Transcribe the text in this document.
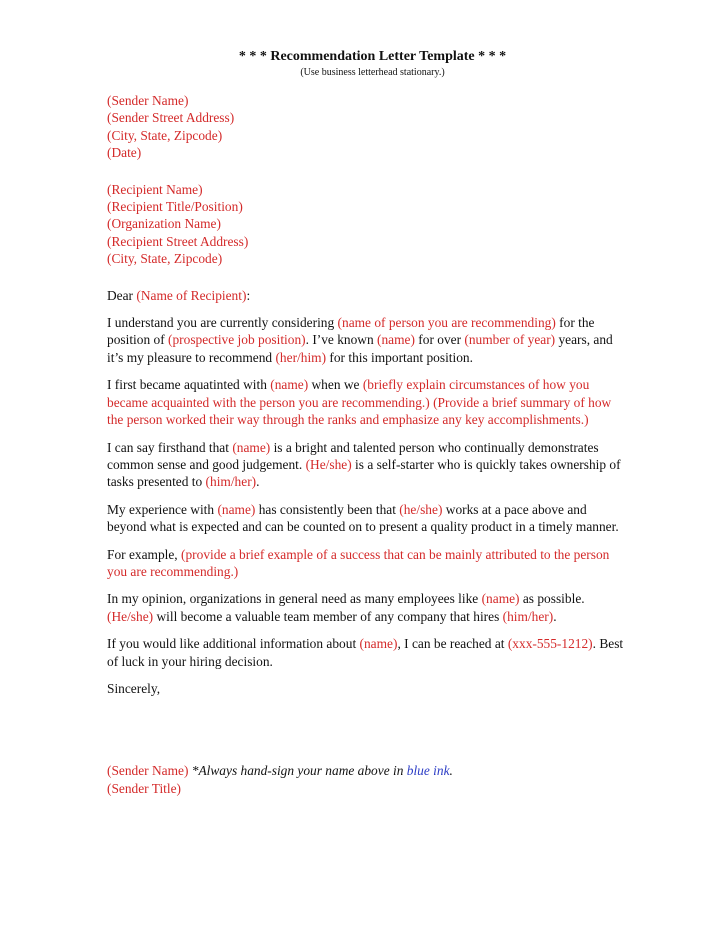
* * * Recommendation Letter Template * * *

(Use business letterhead stationary.)

(Sender Name)
(Sender Street Address)
(City, State, Zipcode)
(Date)
(Recipient Name)
(Recipient Title/Position)
(Organization Name)
(Recipient Street Address)
(City, State, Zipcode)

Dear (Name of Recipient):

I understand you are currently considering (name of person you are recommending) for the position of (prospective job position). I’ve known (name) for over (number of year) years, and it’s my pleasure to recommend (her/him) for this important position.

I first became aquatinted with (name) when we (briefly explain circumstances of how you became acquainted with the person you are recommending.) (Provide a brief summary of how the person worked their way through the ranks and emphasize any key accomplishments.)

I can say firsthand that (name) is a bright and talented person who continually demonstrates common sense and good judgement. (He/she) is a self-starter who is quickly takes ownership of tasks presented to (him/her).

My experience with (name) has consistently been that (he/she) works at a pace above and beyond what is expected and can be counted on to present a quality product in a timely manner.

For example, (provide a brief example of a success that can be mainly attributed to the person you are recommending.)

In my opinion, organizations in general need as many employees like (name) as possible. (He/she) will become a valuable team member of any company that hires (him/her).

If you would like additional information about (name), I can be reached at (xxx-555-1212). Best of luck in your hiring decision.

Sincerely,

(Sender Name) *Always hand-sign your name above in blue ink.
(Sender Title)
